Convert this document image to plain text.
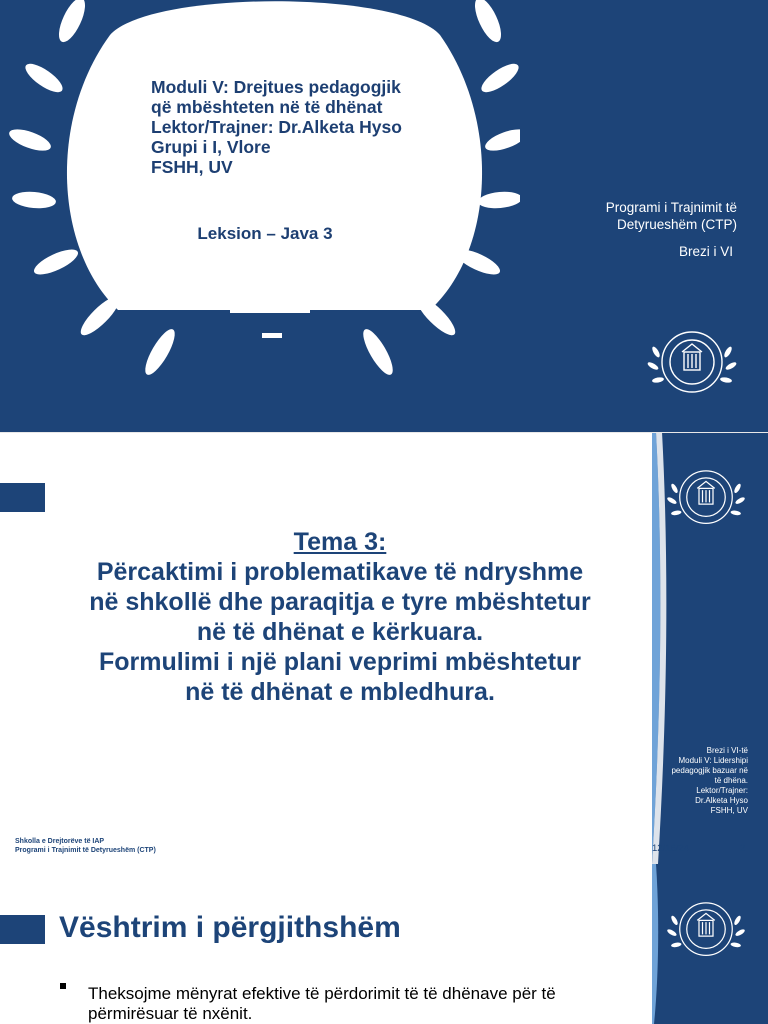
Moduli V: Drejtues pedagogjik
që mbështeten në të dhënat
Lektor/Trajner: Dr.Alketa Hyso
Grupi i I, Vlore
FSHH, UV
Leksion – Java 3
Programi i Trajnimit të
Detyrueshëm (CTP)
Brezi i VI
Tema 3:
Përcaktimi i problematikave të ndryshme
në shkollë dhe paraqitja e tyre mbështetur
në të dhënat e kërkuara.
Formulimi i një plani veprimi mbështetur
në të dhënat e mbledhura.
Brezi i VI-të
Moduli V: Lidershipi
pedagogjik bazuar në
të dhëna.
Lektor/Trajner:
Dr.Alketa Hyso
FSHH, UV
Shkolla e Drejtorëve të IAP
Programi i Trajnimit të Detyrueshëm (CTP)	12/16/24	2
Vështrim i përgjithshëm
Theksojme mënyrat efektive të përdorimit të të dhënave për të përmirësuar të nxënit.
